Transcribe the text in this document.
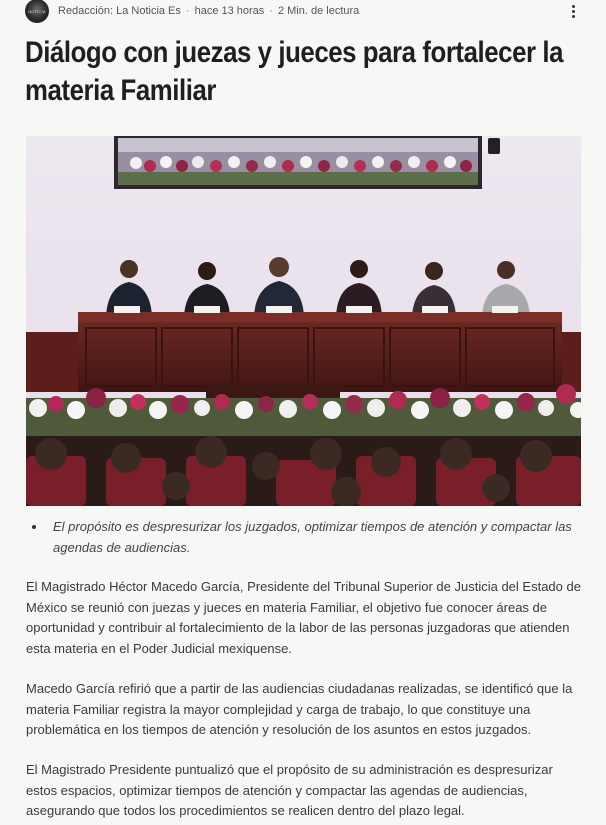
NOTICIA Redacción: La Noticia Es · hace 13 horas · 2 Min. de lectura
Diálogo con juezas y jueces para fortalecer la materia Familiar
El propósito es despresurizar los juzgados, optimizar tiempos de atención y compactar las agendas de audiencias.

El Magistrado Héctor Macedo García, Presidente del Tribunal Superior de Justicia del Estado de México se reunió con juezas y jueces en materia Familiar, el objetivo fue conocer áreas de oportunidad y contribuir al fortalecimiento de la labor de las personas juzgadoras que atienden esta materia en el Poder Judicial mexiquense.

Macedo García refirió que a partir de las audiencias ciudadanas realizadas, se identificó que la materia Familiar registra la mayor complejidad y carga de trabajo, lo que constituye una problemática en los tiempos de atención y resolución de los asuntos en estos juzgados.

El Magistrado Presidente puntualizó que el propósito de su administración es despresurizar estos espacios, optimizar tiempos de atención y compactar las agendas de audiencias, asegurando que todos los procedimientos se realicen dentro del plazo legal.
